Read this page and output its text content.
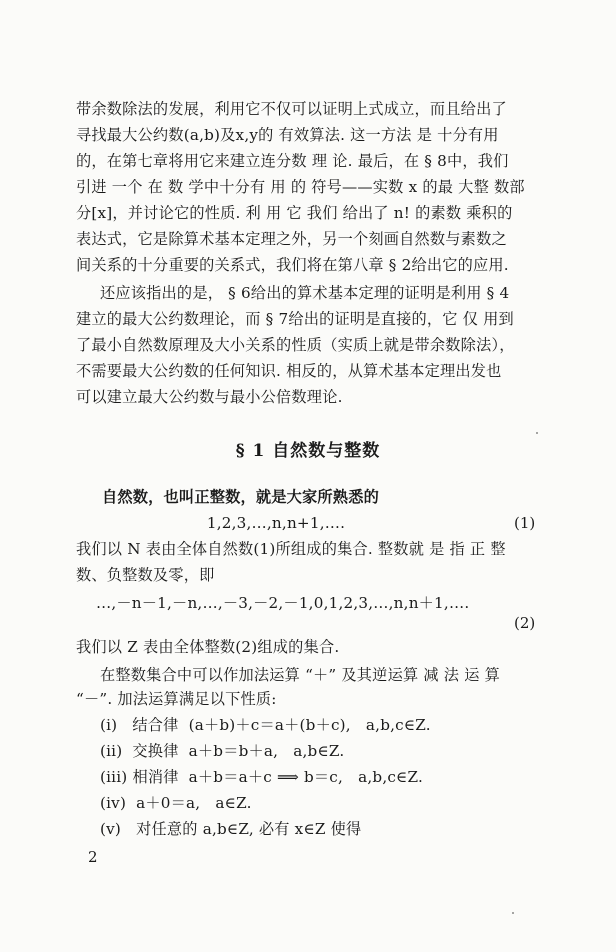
带余数除法的发展，利用它不仅可以证明上式成立，而且给出了
寻找最大公约数(a,b)及x,y的 有效算法. 这一方法 是 十分有用
的，在第七章将用它来建立连分数 理 论. 最后，在 § 8中，我们
引进 一个 在 数 学中十分有 用 的 符号——实数 x 的最 大整 数部
分[x]，并讨论它的性质. 利 用 它 我们 给出了 n! 的素数 乘积的
表达式，它是除算术基本定理之外，另一个刻画自然数与素数之
间关系的十分重要的关系式，我们将在第八章 § 2给出它的应用.
还应该指出的是， § 6给出的算术基本定理的证明是利用 § 4
建立的最大公约数理论，而 § 7给出的证明是直接的，它 仅 用到
了最小自然数原理及大小关系的性质（实质上就是带余数除法），
不需要最大公约数的任何知识. 相反的，从算术基本定理出发也
可以建立最大公约数与最小公倍数理论.
§ 1 自然数与整数
自然数，也叫正整数，就是大家所熟悉的
1,2,3,…,n,n+1,….	(1)
我们以 N 表由全体自然数(1)所组成的集合. 整数就 是 指 正 整
数、负整数及零，即
…,－n－1,－n,…,－3,－2,－1,0,1,2,3,…,n,n＋1,….
(2)
我们以 Z 表由全体整数(2)组成的集合.
在整数集合中可以作加法运算 “＋” 及其逆运算 减 法 运 算
“－”. 加法运算满足以下性质:
(i)   结合律  (a＋b)＋c＝a＋(b＋c),   a,b,c∈Z.
(ii)  交换律  a＋b＝b＋a,   a,b∈Z.
(iii) 相消律  a＋b＝a＋c ⟹ b＝c,   a,b,c∈Z.
(iv)  a＋0＝a,   a∈Z.
(v)   对任意的 a,b∈Z, 必有 x∈Z 使得
2
